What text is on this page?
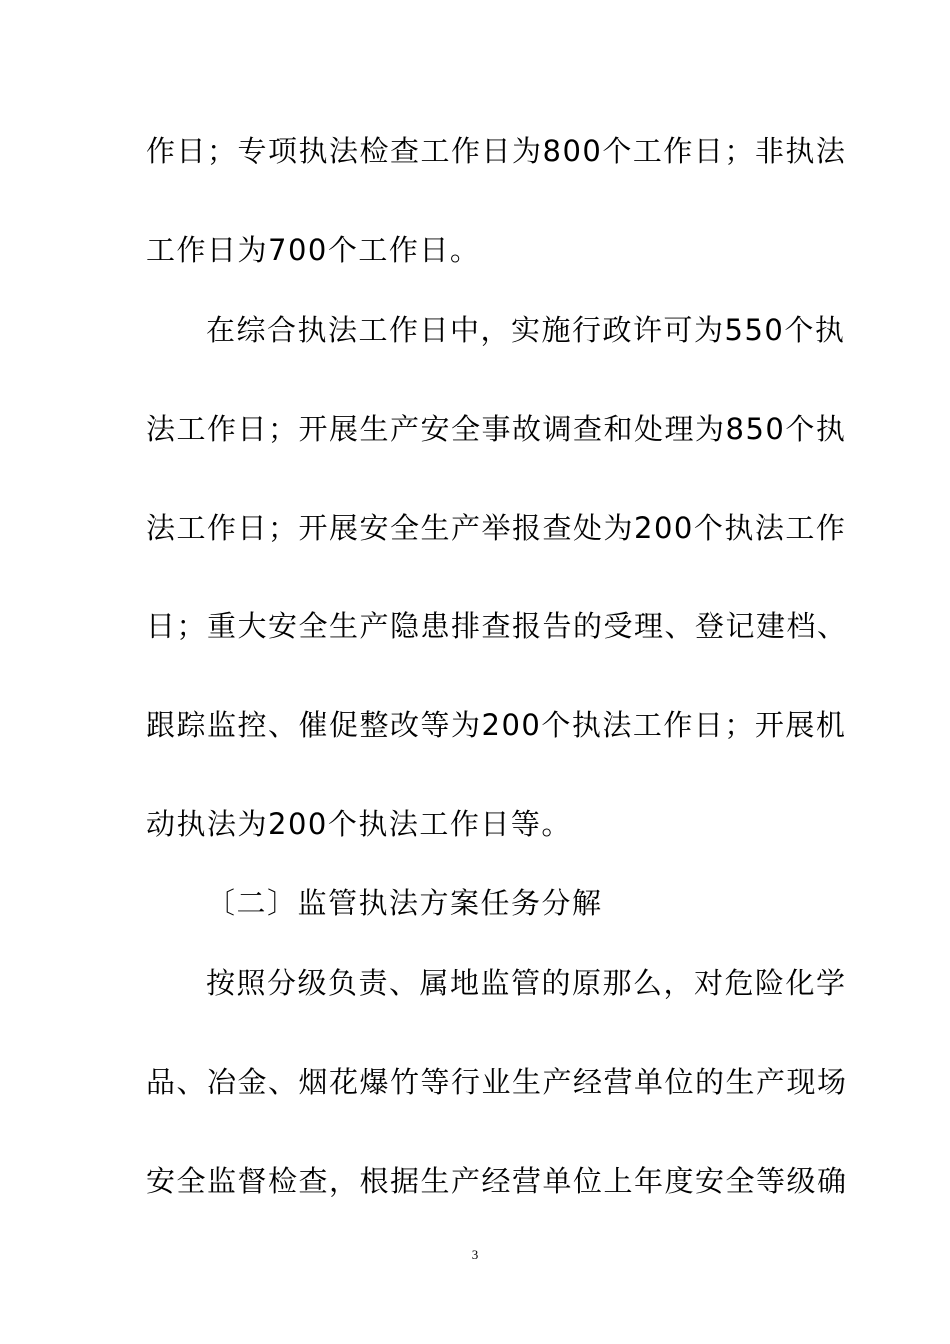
作日；专项执法检查工作日为800个工作日；非执法
工作日为700个工作日。
在综合执法工作日中，实施行政许可为550个执
法工作日；开展生产安全事故调查和处理为850个执
法工作日；开展安全生产举报查处为200个执法工作
日；重大安全生产隐患排查报告的受理、登记建档、
跟踪监控、催促整改等为200个执法工作日；开展机
动执法为200个执法工作日等。
〔二〕监管执法方案任务分解
按照分级负责、属地监管的原那么，对危险化学
品、冶金、烟花爆竹等行业生产经营单位的生产现场
安全监督检查，根据生产经营单位上年度安全等级确
3
